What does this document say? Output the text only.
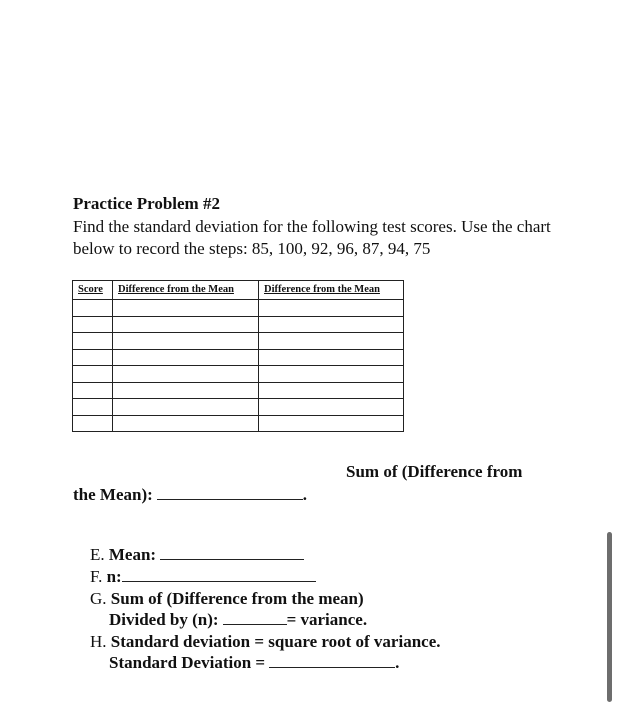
Practice Problem #2
Find the standard deviation for the following test scores. Use the chart below to record the steps: 85, 100, 92, 96, 87, 94, 75
Score	Difference from the Mean	Difference from the Mean

Sum of (Difference from
the Mean):	.
E. Mean:
F. n:
G. Sum of (Difference from the mean)
Divided by (n):	= variance.
H. Standard deviation = square root of variance.
Standard Deviation =	.
